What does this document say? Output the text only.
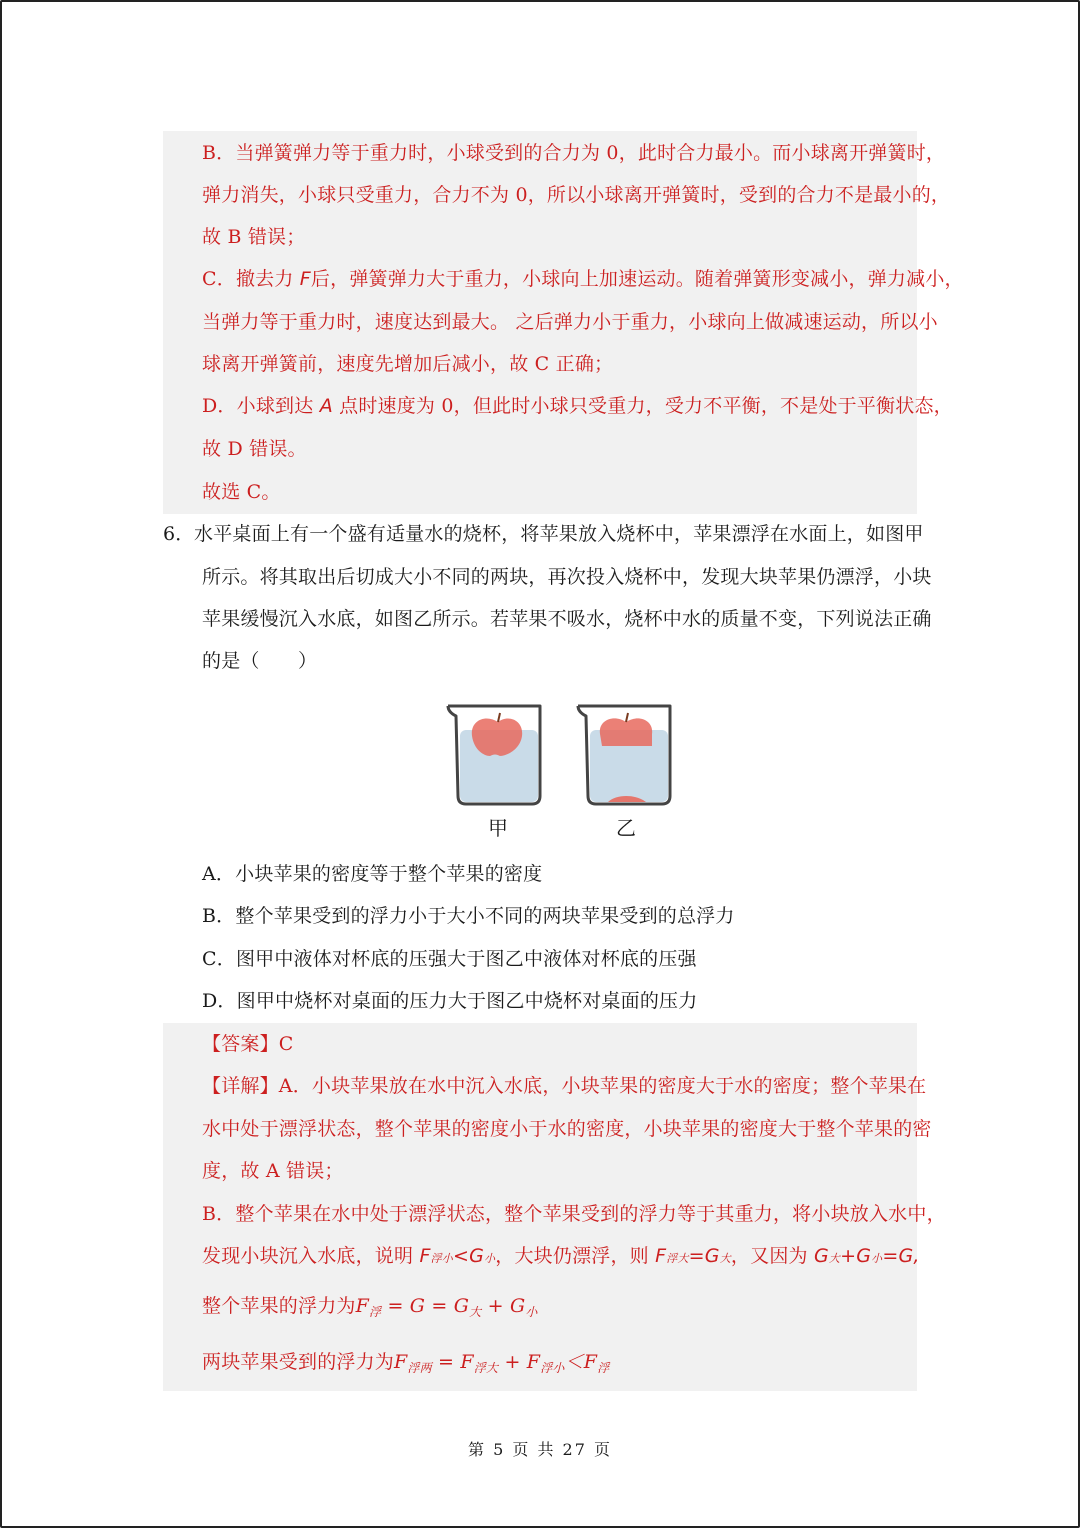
B．当弹簧弹力等于重力时，小球受到的合力为 0，此时合力最小。而小球离开弹簧时，
弹力消失，小球只受重力，合力不为 0，所以小球离开弹簧时，受到的合力不是最小的，
故 B 错误；
C．撤去力 F后，弹簧弹力大于重力，小球向上加速运动。随着弹簧形变减小，弹力减小，
当弹力等于重力时，速度达到最大。 之后弹力小于重力，小球向上做减速运动，所以小
球离开弹簧前，速度先增加后减小，故 C 正确；
D．小球到达 A 点时速度为 0，但此时小球只受重力，受力不平衡，不是处于平衡状态，
故 D 错误。
故选 C。
6． 水平桌面上有一个盛有适量水的烧杯，将苹果放入烧杯中，苹果漂浮在水面上，如图甲
所示。将其取出后切成大小不同的两块，再次投入烧杯中，发现大块苹果仍漂浮，小块
苹果缓慢沉入水底，如图乙所示。若苹果不吸水，烧杯中水的质量不变，下列说法正确
的是（　　）
甲	乙
A．小块苹果的密度等于整个苹果的密度
B．整个苹果受到的浮力小于大小不同的两块苹果受到的总浮力
C．图甲中液体对杯底的压强大于图乙中液体对杯底的压强
D．图甲中烧杯对桌面的压力大于图乙中烧杯对桌面的压力
【答案】C
【详解】A．小块苹果放在水中沉入水底，小块苹果的密度大于水的密度；整个苹果在
水中处于漂浮状态，整个苹果的密度小于水的密度，小块苹果的密度大于整个苹果的密
度，故 A 错误；
B．整个苹果在水中处于漂浮状态，整个苹果受到的浮力等于其重力，将小块放入水中，
发现小块沉入水底，说明 F浮小<G小，大块仍漂浮，则 F浮大=G大，又因为 G大+G小=G,
整个苹果的浮力为$F_浮 = G = G_大 + G_小$
两块苹果受到的浮力为$F_{浮两} = F_{浮大} + F_{浮小}<F_浮$
第 5 页 共 27 页
